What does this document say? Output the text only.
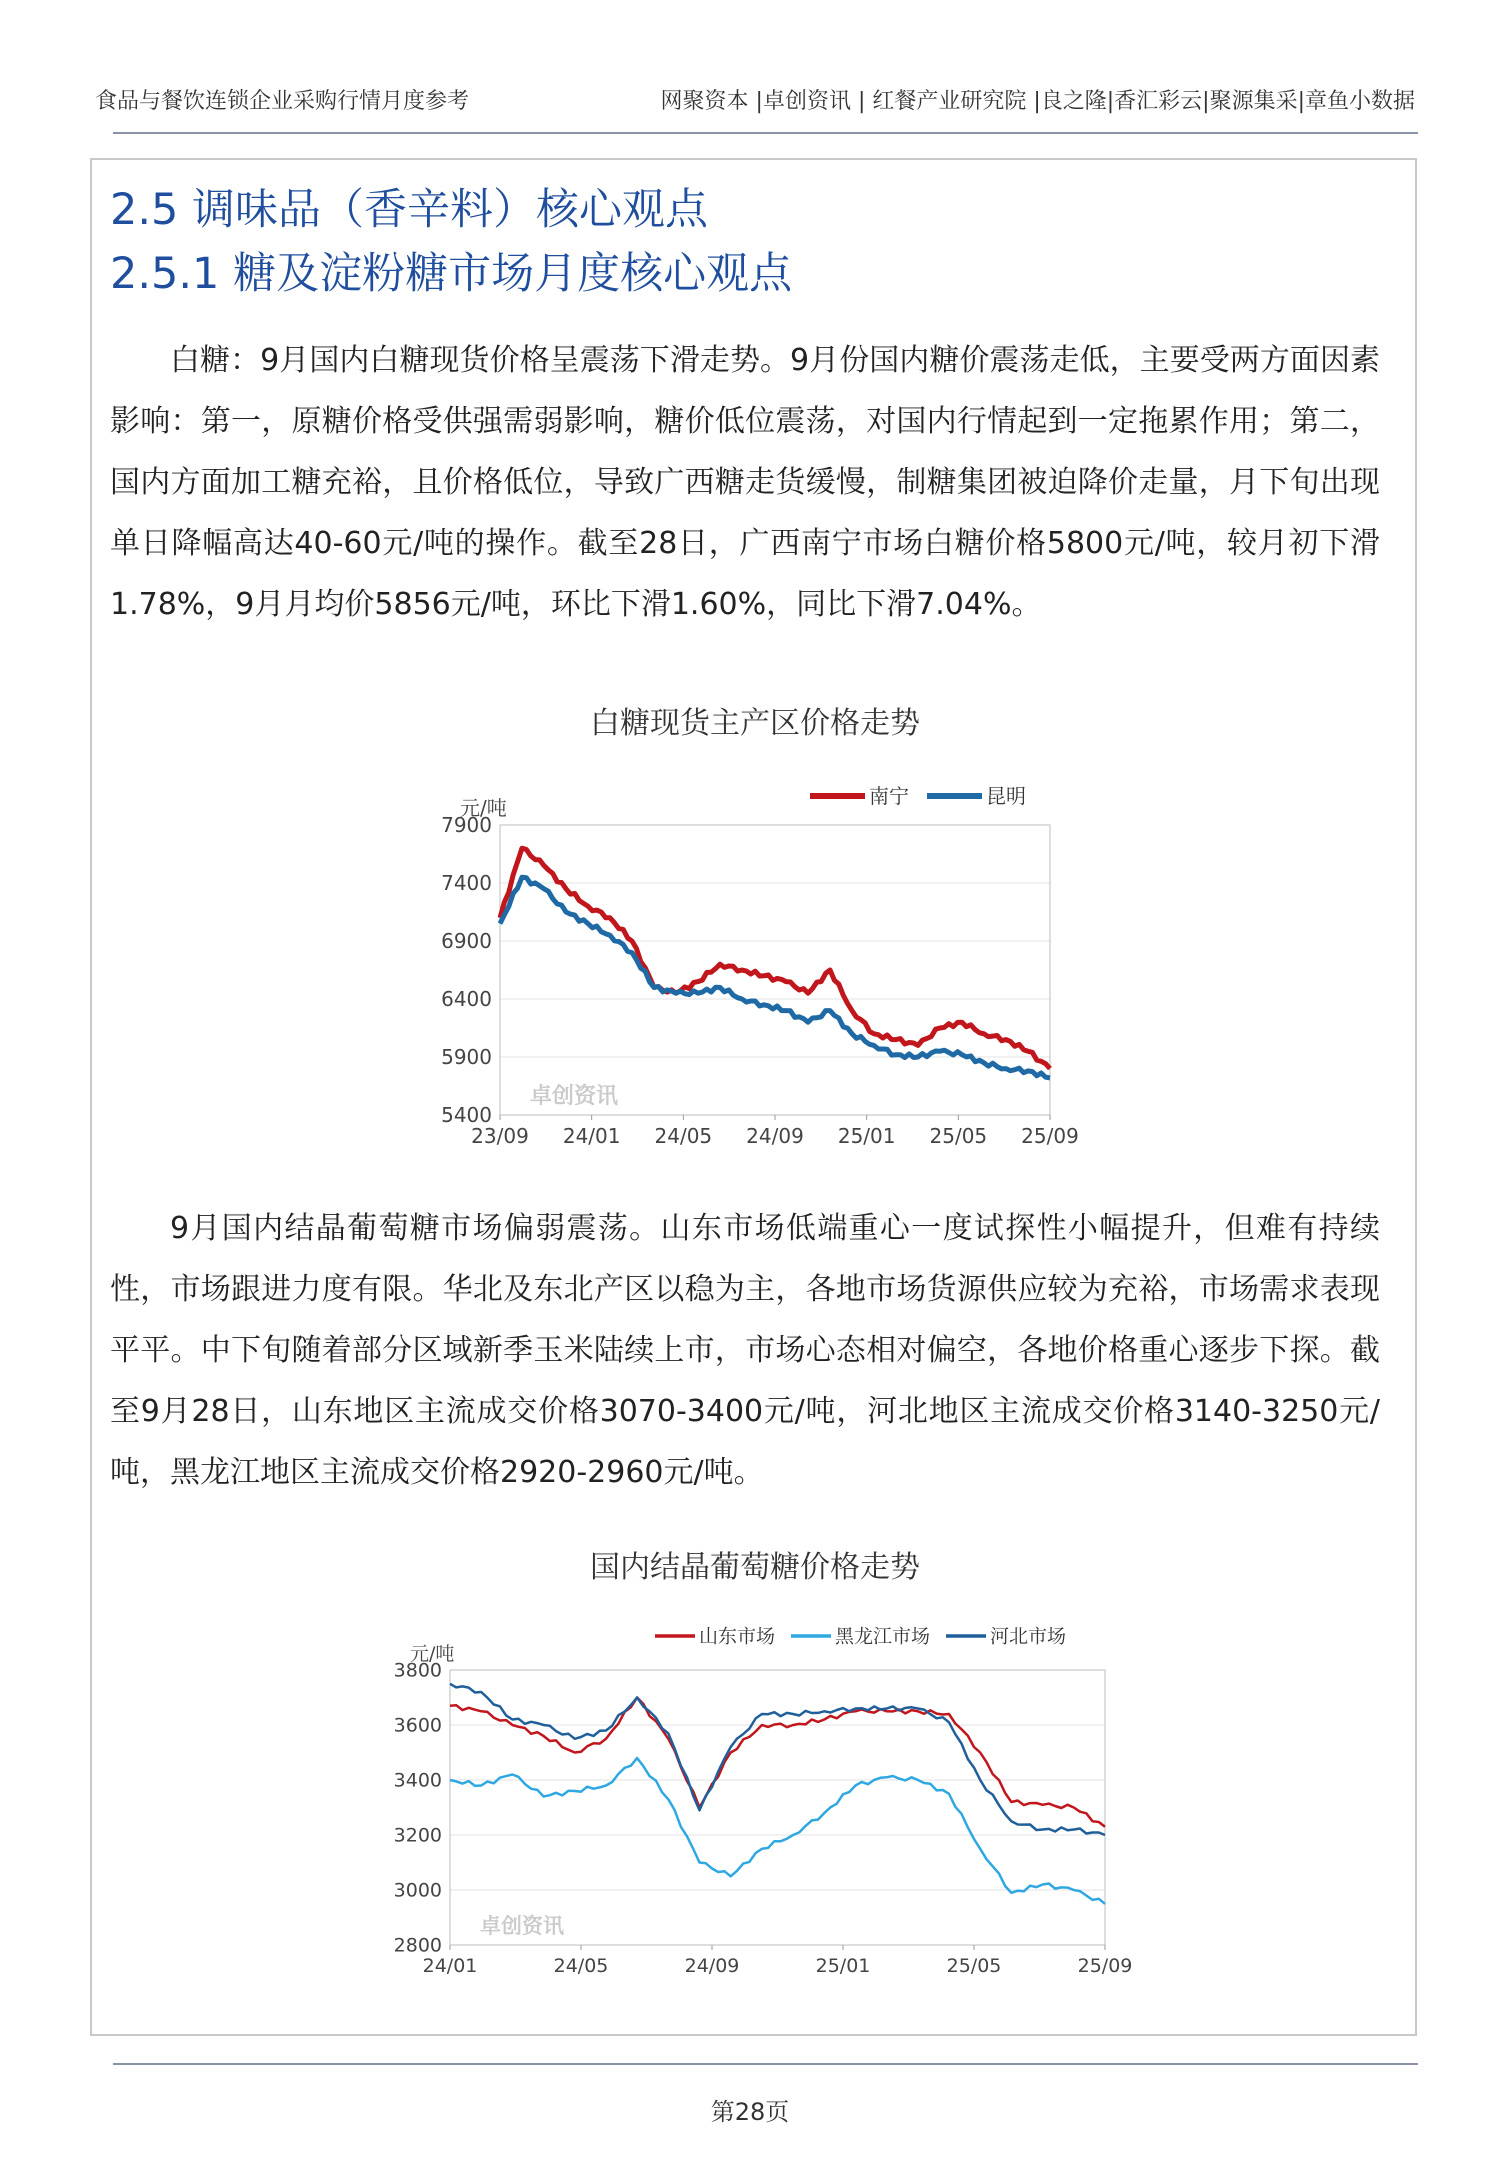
食品与餐饮连锁企业采购行情月度参考	网聚资本 |卓创资讯 | 红餐产业研究院 |良之隆|香汇彩云|聚源集采|章鱼小数据
2.5 调味品（香辛料）核心观点
2.5.1 糖及淀粉糖市场月度核心观点

白糖：9月国内白糖现货价格呈震荡下滑走势。9月份国内糖价震荡走低，主要受两方面因素影响：第一，原糖价格受供强需弱影响，糖价低位震荡，对国内行情起到一定拖累作用；第二，国内方面加工糖充裕，且价格低位，导致广西糖走货缓慢，制糖集团被迫降价走量，月下旬出现单日降幅高达40-60元/吨的操作。截至28日，广西南宁市场白糖价格5800元/吨，较月初下滑1.78%，9月月均价5856元/吨，环比下滑1.60%，同比下滑7.04%。

白糖现货主产区价格走势
7900
7400
6900
6400
5900
5400
23/09 24/01 24/05 24/09 25/01 25/05 25/09
元/吨
卓创资讯
南宁	昆明

9月国内结晶葡萄糖市场偏弱震荡。山东市场低端重心一度试探性小幅提升，但难有持续性，市场跟进力度有限。华北及东北产区以稳为主，各地市场货源供应较为充裕，市场需求表现平平。中下旬随着部分区域新季玉米陆续上市，市场心态相对偏空，各地价格重心逐步下探。截至9月28日，山东地区主流成交价格3070-3400元/吨，河北地区主流成交价格3140-3250元/吨，黑龙江地区主流成交价格2920-2960元/吨。

国内结晶葡萄糖价格走势
3800
3600
3400
3200
3000
2800
24/01	24/05	24/09	25/01	25/05	25/09
元/吨
卓创资讯
山东市场	黑龙江市场	河北市场
第28页
